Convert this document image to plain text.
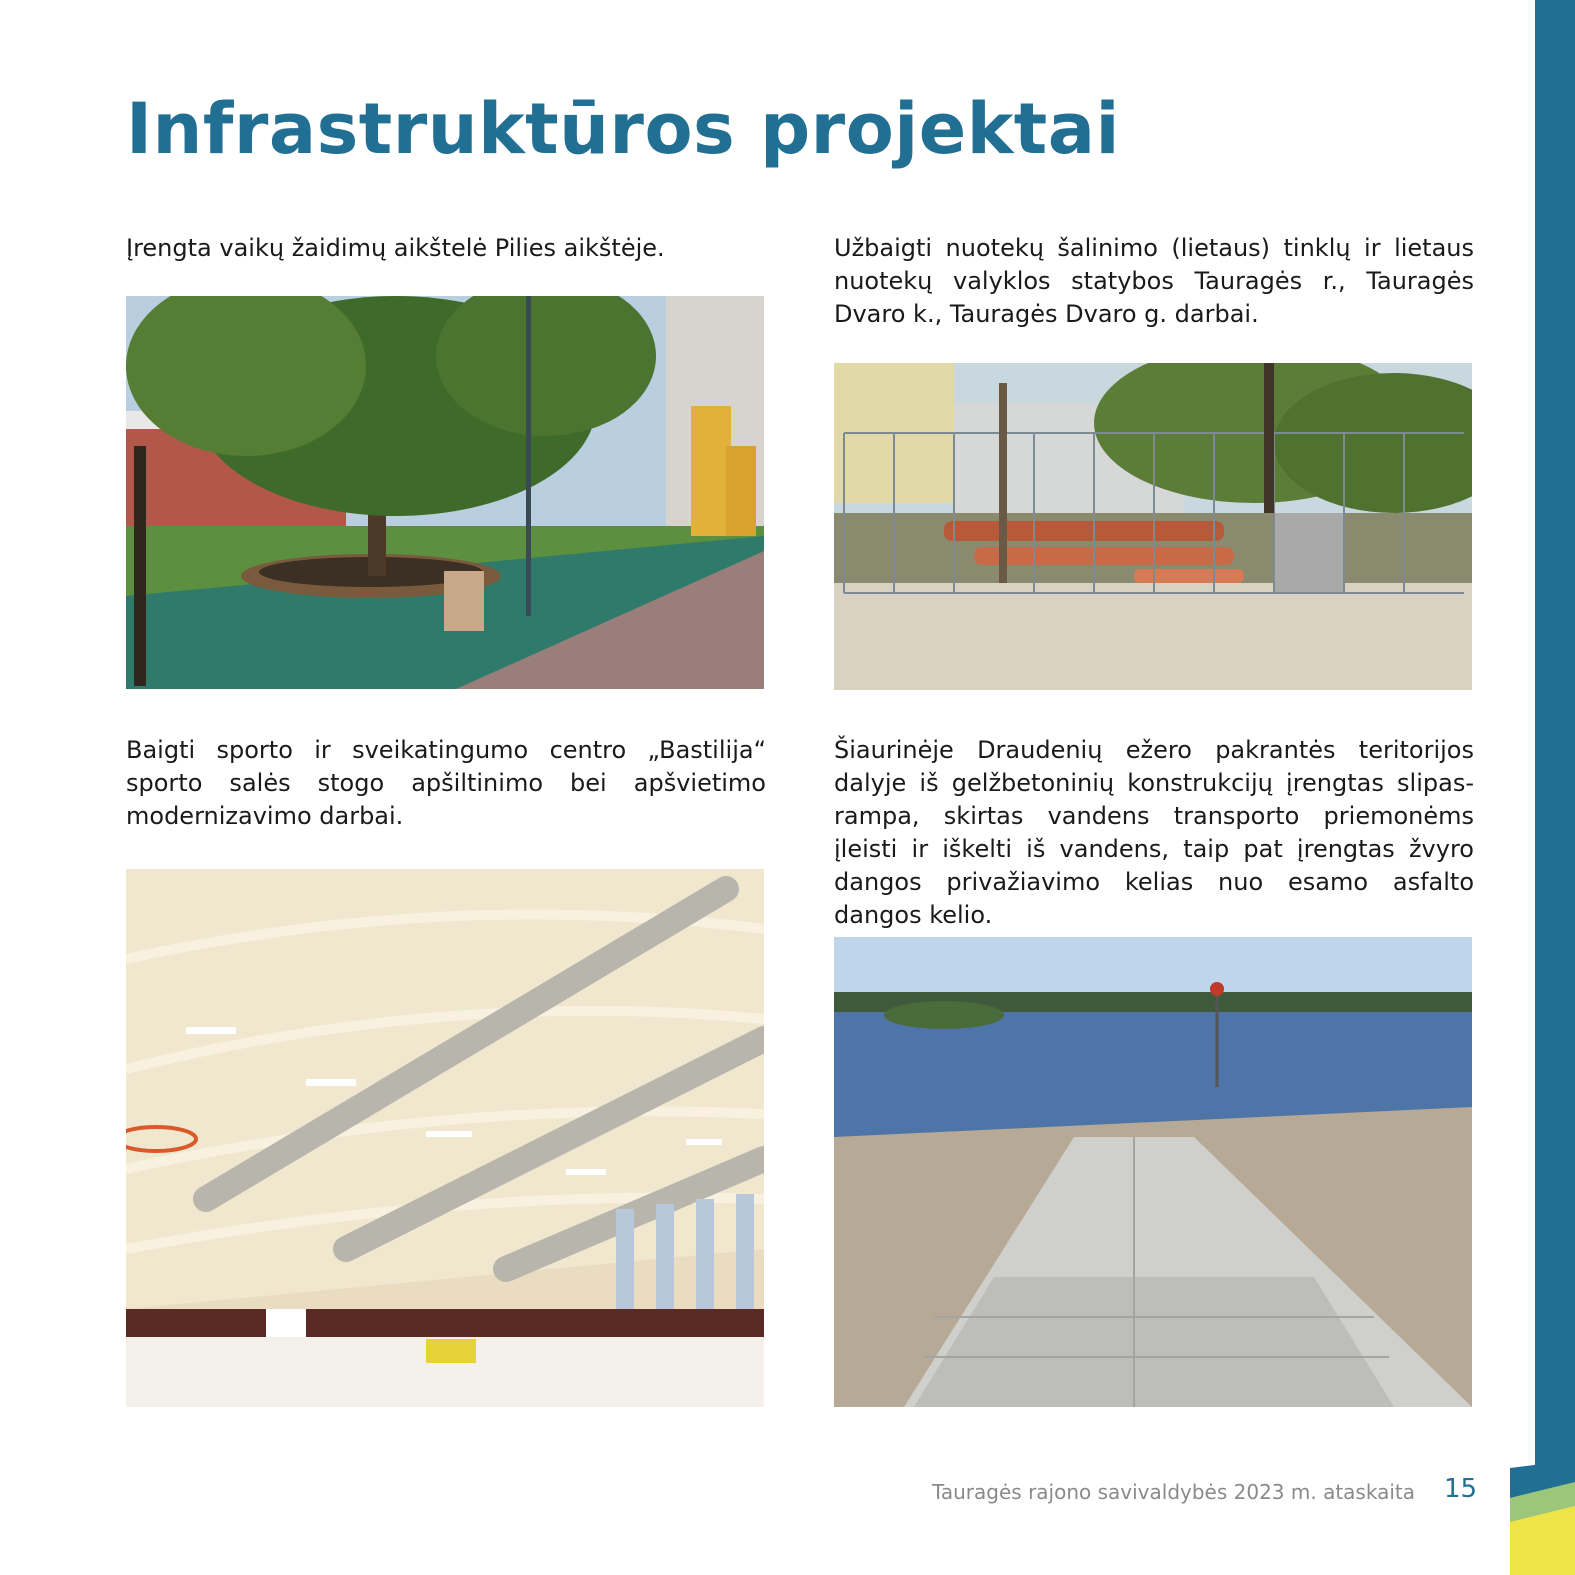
Infrastruktūros projektai

Įrengta vaikų žaidimų aikštelė Pilies aikštėje.	Užbaigti nuotekų šalinimo (lietaus) tinklų ir lietaus nuotekų valyklos statybos Tauragės r., Tauragės Dvaro k., Tauragės Dvaro g. darbai.

Baigti sporto ir sveikatingumo centro „Bastilija“ sporto salės stogo apšiltinimo bei apšvietimo modernizavimo darbai.

Šiaurinėje Draudenių ežero pakrantės teritorijos dalyje iš gelžbetoninių konstrukcijų įrengtas slipas-rampa, skirtas vandens transporto priemonėms įleisti ir iškelti iš vandens, taip pat įrengtas žvyro dangos privažiavimo kelias nuo esamo asfalto dangos kelio.

Tauragės rajono savivaldybės 2023 m. ataskaita 15
